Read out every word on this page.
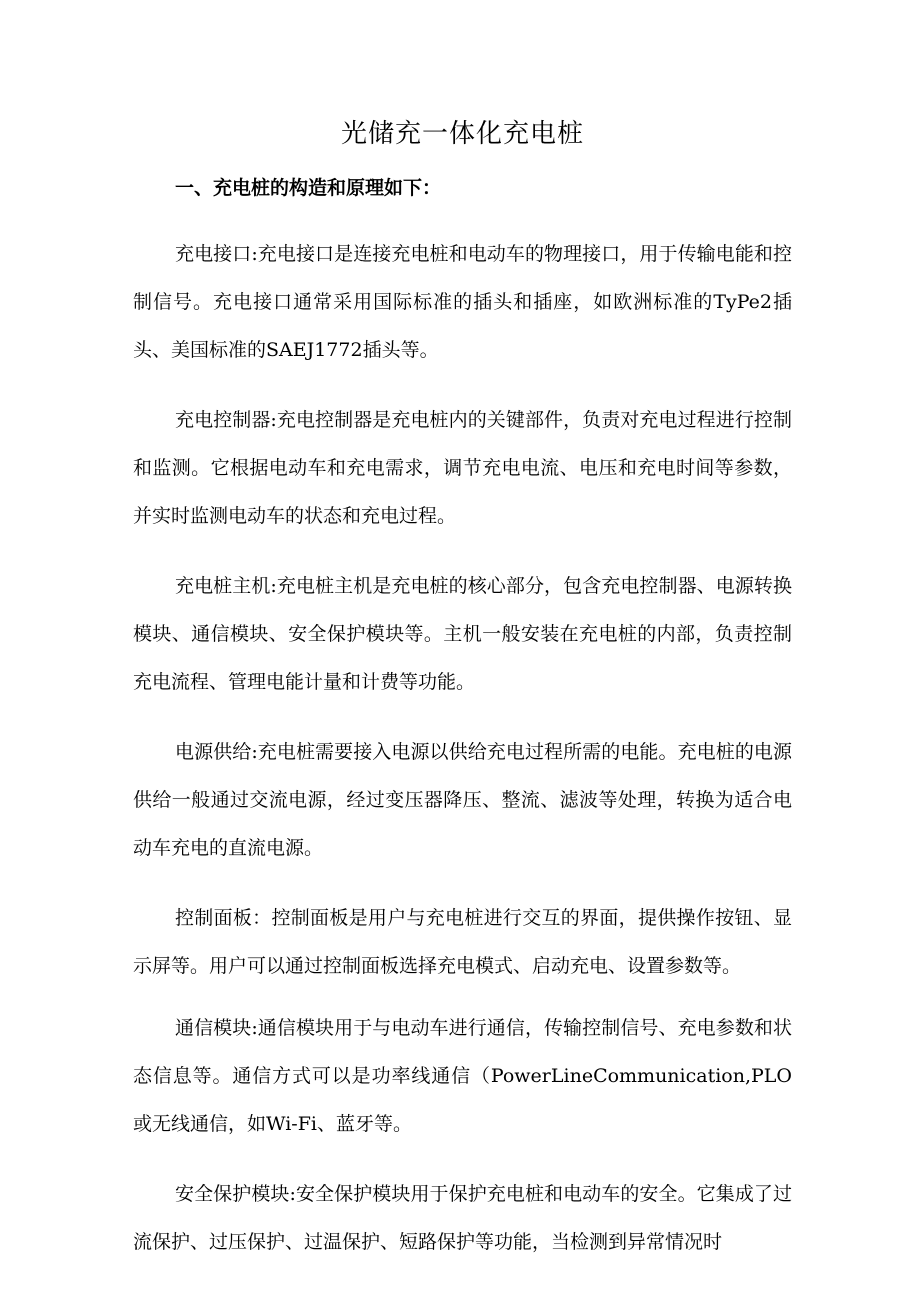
光储充一体化充电桩
一、充电桩的构造和原理如下：

充电接口:充电接口是连接充电桩和电动车的物理接口，用于传输电能和控制信号。充电接口通常采用国际标准的插头和插座，如欧洲标准的TyPe2插头、美国标准的SAEJ1772插头等。

充电控制器:充电控制器是充电桩内的关键部件，负责对充电过程进行控制和监测。它根据电动车和充电需求，调节充电电流、电压和充电时间等参数，并实时监测电动车的状态和充电过程。

充电桩主机:充电桩主机是充电桩的核心部分，包含充电控制器、电源转换模块、通信模块、安全保护模块等。主机一般安装在充电桩的内部，负责控制充电流程、管理电能计量和计费等功能。

电源供给:充电桩需要接入电源以供给充电过程所需的电能。充电桩的电源供给一般通过交流电源，经过变压器降压、整流、滤波等处理，转换为适合电动车充电的直流电源。

控制面板：控制面板是用户与充电桩进行交互的界面，提供操作按钮、显示屏等。用户可以通过控制面板选择充电模式、启动充电、设置参数等。

通信模块:通信模块用于与电动车进行通信，传输控制信号、充电参数和状态信息等。通信方式可以是功率线通信（PowerLineCommunication,PLO或无线通信，如Wi-Fi、蓝牙等。

安全保护模块:安全保护模块用于保护充电桩和电动车的安全。它集成了过流保护、过压保护、过温保护、短路保护等功能，当检测到异常情况时
